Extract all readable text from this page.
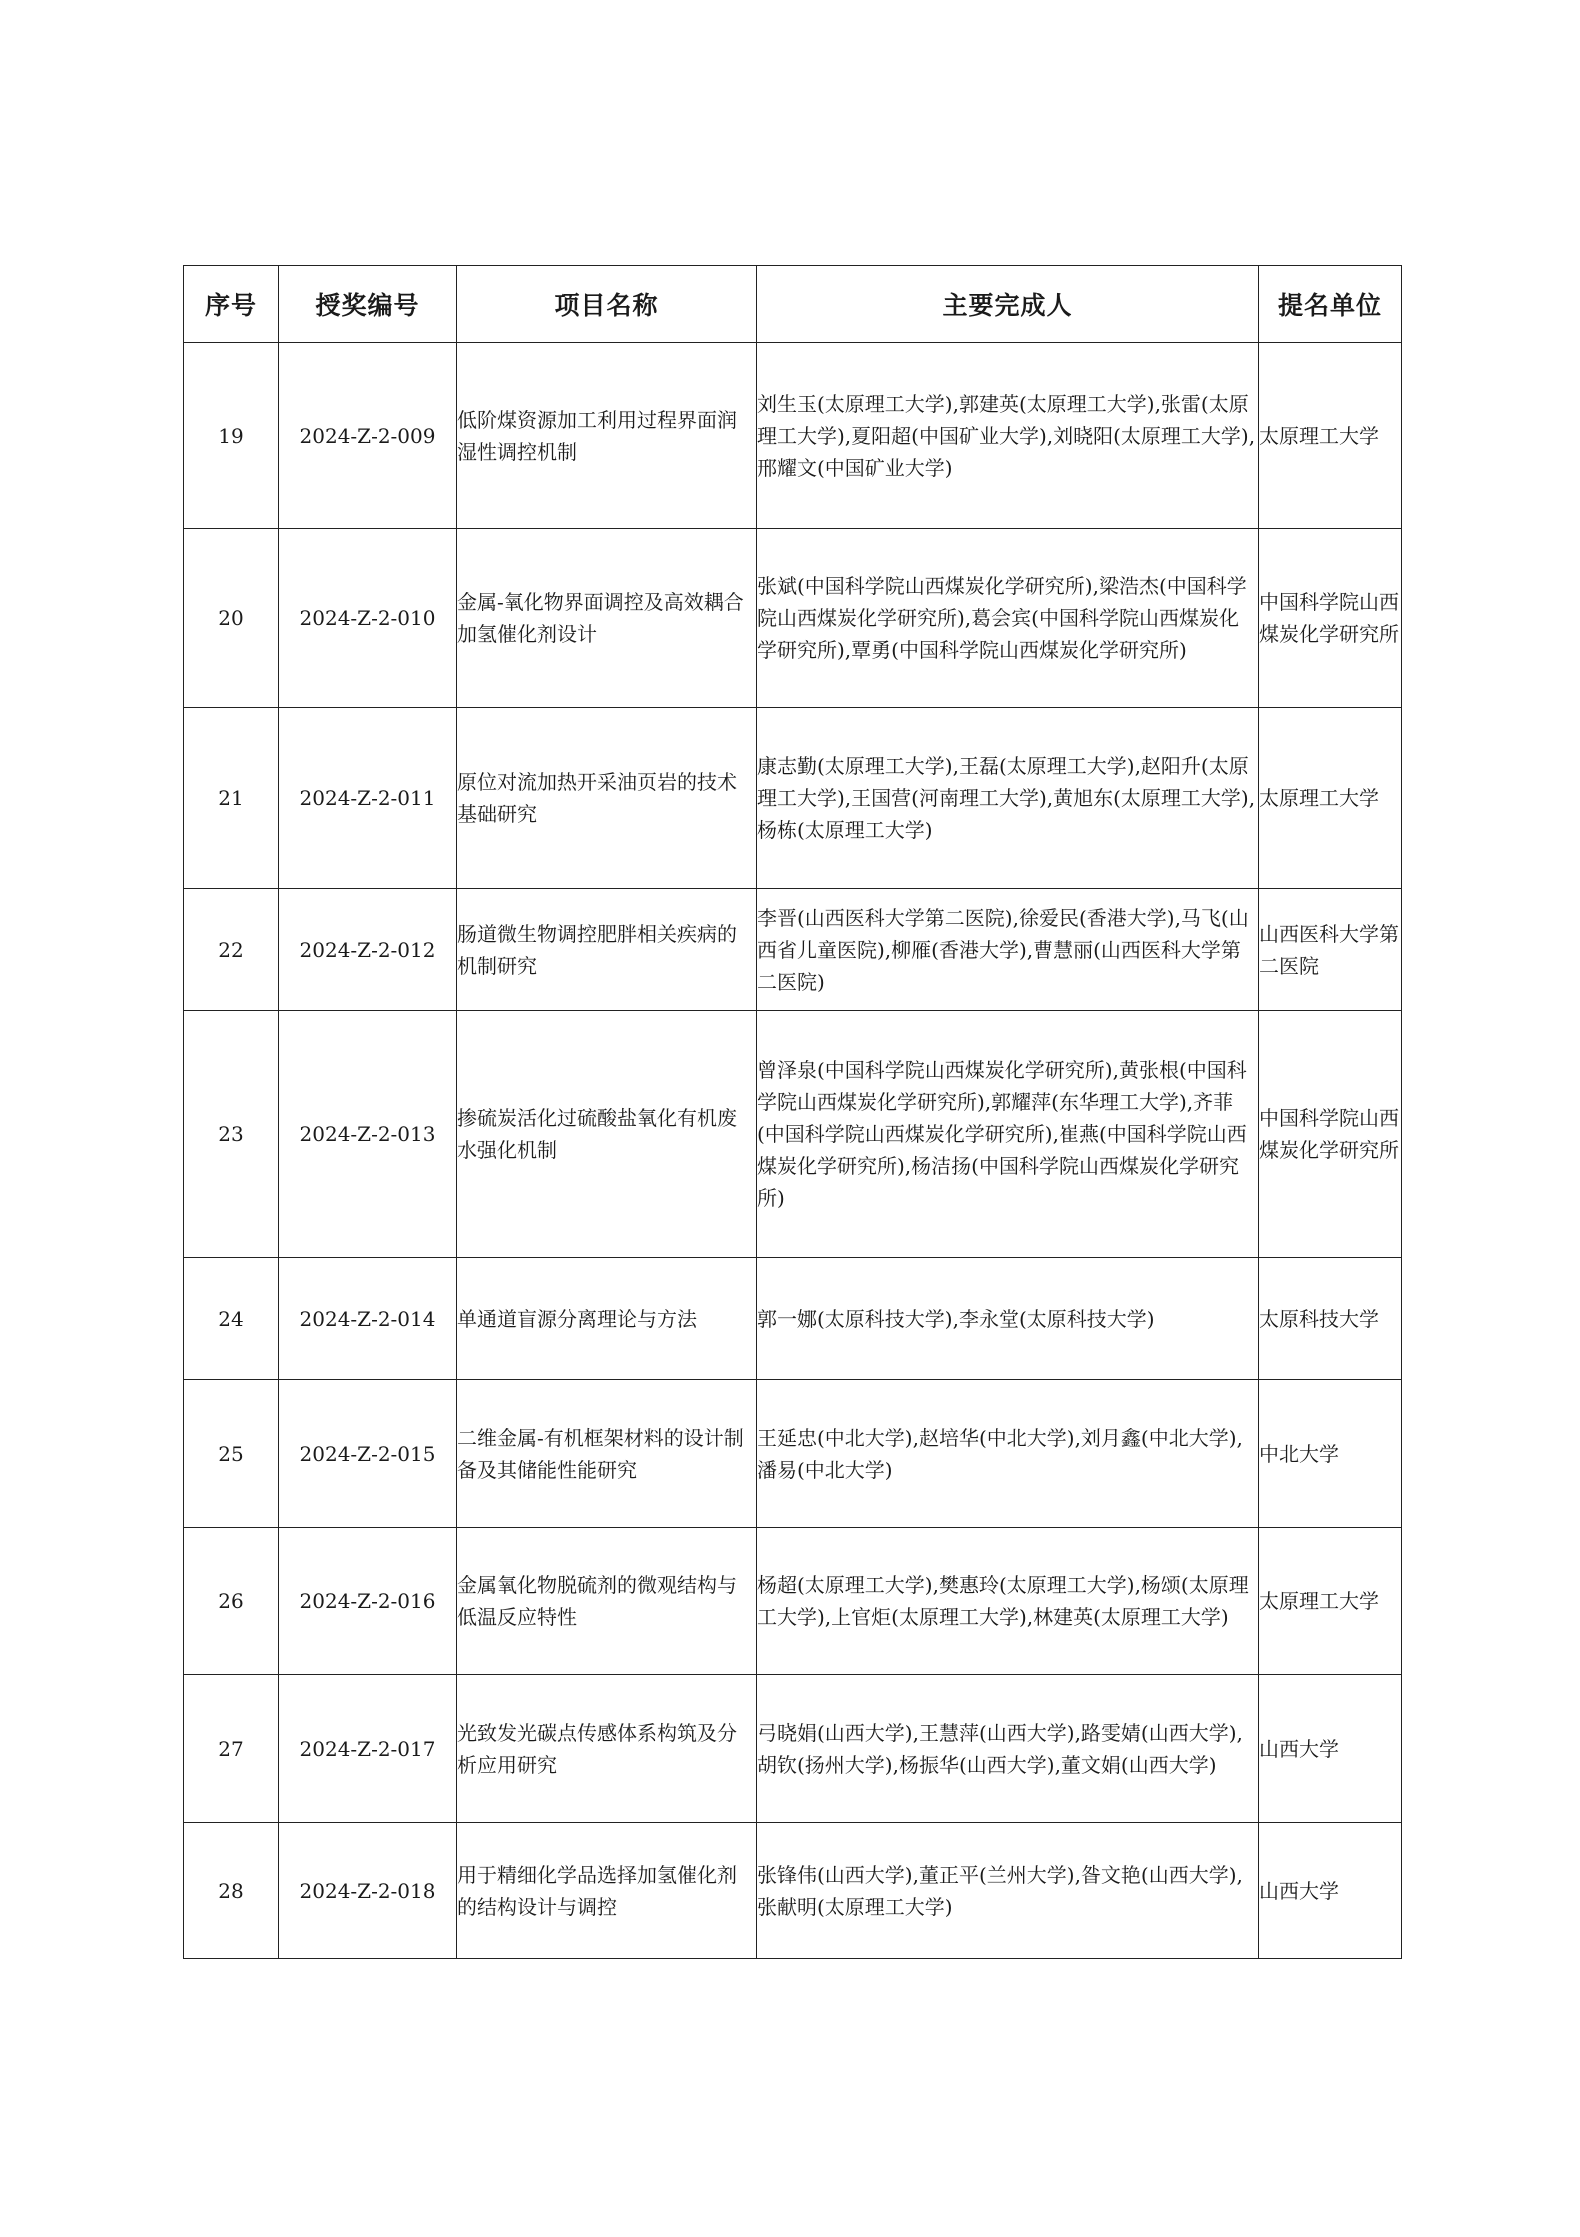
序号	授奖编号	项目名称	主要完成人	提名单位
19	2024-Z-2-009	低阶煤资源加工利用过程界面润湿性调控机制	刘生玉(太原理工大学),郭建英(太原理工大学),张雷(太原理工大学),夏阳超(中国矿业大学),刘晓阳(太原理工大学),邢耀文(中国矿业大学)	太原理工大学
20	2024-Z-2-010	金属-氧化物界面调控及高效耦合加氢催化剂设计	张斌(中国科学院山西煤炭化学研究所),梁浩杰(中国科学院山西煤炭化学研究所),葛会宾(中国科学院山西煤炭化学研究所),覃勇(中国科学院山西煤炭化学研究所)	中国科学院山西煤炭化学研究所
21	2024-Z-2-011	原位对流加热开采油页岩的技术基础研究	康志勤(太原理工大学),王磊(太原理工大学),赵阳升(太原理工大学),王国营(河南理工大学),黄旭东(太原理工大学),杨栋(太原理工大学)	太原理工大学
22	2024-Z-2-012	肠道微生物调控肥胖相关疾病的机制研究	李晋(山西医科大学第二医院),徐爱民(香港大学),马飞(山西省儿童医院),柳雁(香港大学),曹慧丽(山西医科大学第二医院)	山西医科大学第二医院
23	2024-Z-2-013	掺硫炭活化过硫酸盐氧化有机废水强化机制	曾泽泉(中国科学院山西煤炭化学研究所),黄张根(中国科学院山西煤炭化学研究所),郭耀萍(东华理工大学),齐菲(中国科学院山西煤炭化学研究所),崔燕(中国科学院山西煤炭化学研究所),杨洁扬(中国科学院山西煤炭化学研究所)	中国科学院山西煤炭化学研究所
24	2024-Z-2-014	单通道盲源分离理论与方法	郭一娜(太原科技大学),李永堂(太原科技大学)	太原科技大学
25	2024-Z-2-015	二维金属-有机框架材料的设计制备及其储能性能研究	王延忠(中北大学),赵培华(中北大学),刘月鑫(中北大学),潘易(中北大学)	中北大学
26	2024-Z-2-016	金属氧化物脱硫剂的微观结构与低温反应特性	杨超(太原理工大学),樊惠玲(太原理工大学),杨颂(太原理工大学),上官炬(太原理工大学),林建英(太原理工大学)	太原理工大学
27	2024-Z-2-017	光致发光碳点传感体系构筑及分析应用研究	弓晓娟(山西大学),王慧萍(山西大学),路雯婧(山西大学),胡钦(扬州大学),杨振华(山西大学),董文娟(山西大学)	山西大学
28	2024-Z-2-018	用于精细化学品选择加氢催化剂的结构设计与调控	张锋伟(山西大学),董正平(兰州大学),昝文艳(山西大学),张献明(太原理工大学)	山西大学
